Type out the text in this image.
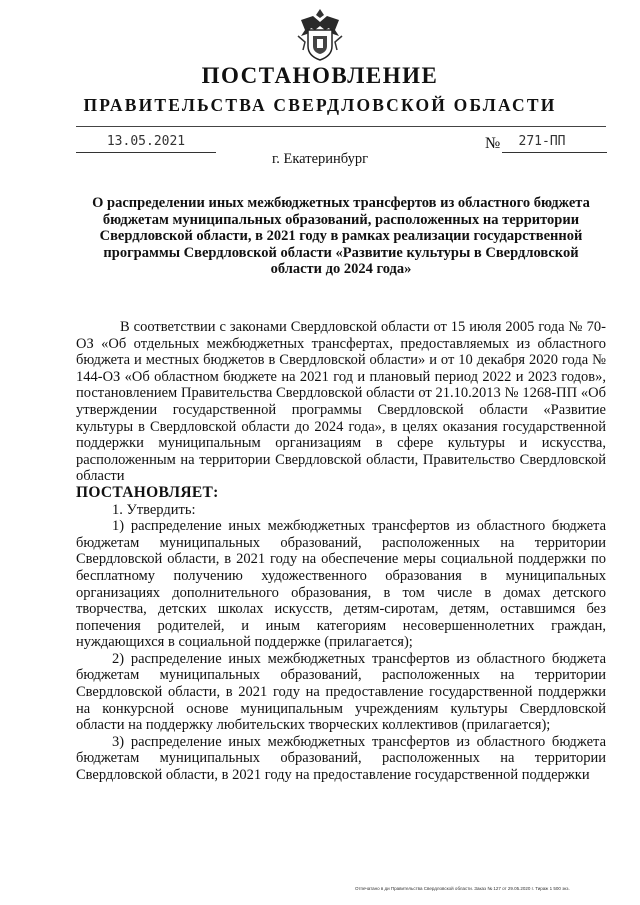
ПОСТАНОВЛЕНИЕ
ПРАВИТЕЛЬСТВА СВЕРДЛОВСКОЙ ОБЛАСТИ
13.05.2021	№	271-ПП
г. Екатеринбург
О распределении иных межбюджетных трансфертов из областного бюджета бюджетам муниципальных образований, расположенных на территории Свердловской области, в 2021 году в рамках реализации государственной программы Свердловской области «Развитие культуры в Свердловской области до 2024 года»

В соответствии с законами Свердловской области от 15 июля 2005 года № 70-ОЗ «Об отдельных межбюджетных трансфертах, предоставляемых из областного бюджета и местных бюджетов в Свердловской области» и от 10 декабря 2020 года № 144-ОЗ «Об областном бюджете на 2021 год и плановый период 2022 и 2023 годов», постановлением Правительства Свердловской области от 21.10.2013 № 1268-ПП «Об утверждении государственной программы Свердловской области «Развитие культуры в Свердловской области до 2024 года», в целях оказания государственной поддержки муниципальным организациям в сфере культуры и искусства, расположенным на территории Свердловской области, Правительство Свердловской области

ПОСТАНОВЛЯЕТ:

1. Утвердить:

1) распределение иных межбюджетных трансфертов из областного бюджета бюджетам муниципальных образований, расположенных на территории Свердловской области, в 2021 году на обеспечение меры социальной поддержки по бесплатному получению художественного образования в муниципальных организациях дополнительного образования, в том числе в домах детского творчества, детских школах искусств, детям-сиротам, детям, оставшимся без попечения родителей, и иным категориям несовершеннолетних граждан, нуждающихся в социальной поддержке (прилагается);

2) распределение иных межбюджетных трансфертов из областного бюджета бюджетам муниципальных образований, расположенных на территории Свердловской области, в 2021 году на предоставление государственной поддержки на конкурсной основе муниципальным учреждениям культуры Свердловской области на поддержку любительских творческих коллективов (прилагается);

3) распределение иных межбюджетных трансфертов из областного бюджета бюджетам муниципальных образований, расположенных на территории Свердловской области, в 2021 году на предоставление государственной поддержки

Отпечатано в ди Правительства Свердловской области. Заказ № 127 от 29.05.2020 г. Тираж 1 500 экз.
